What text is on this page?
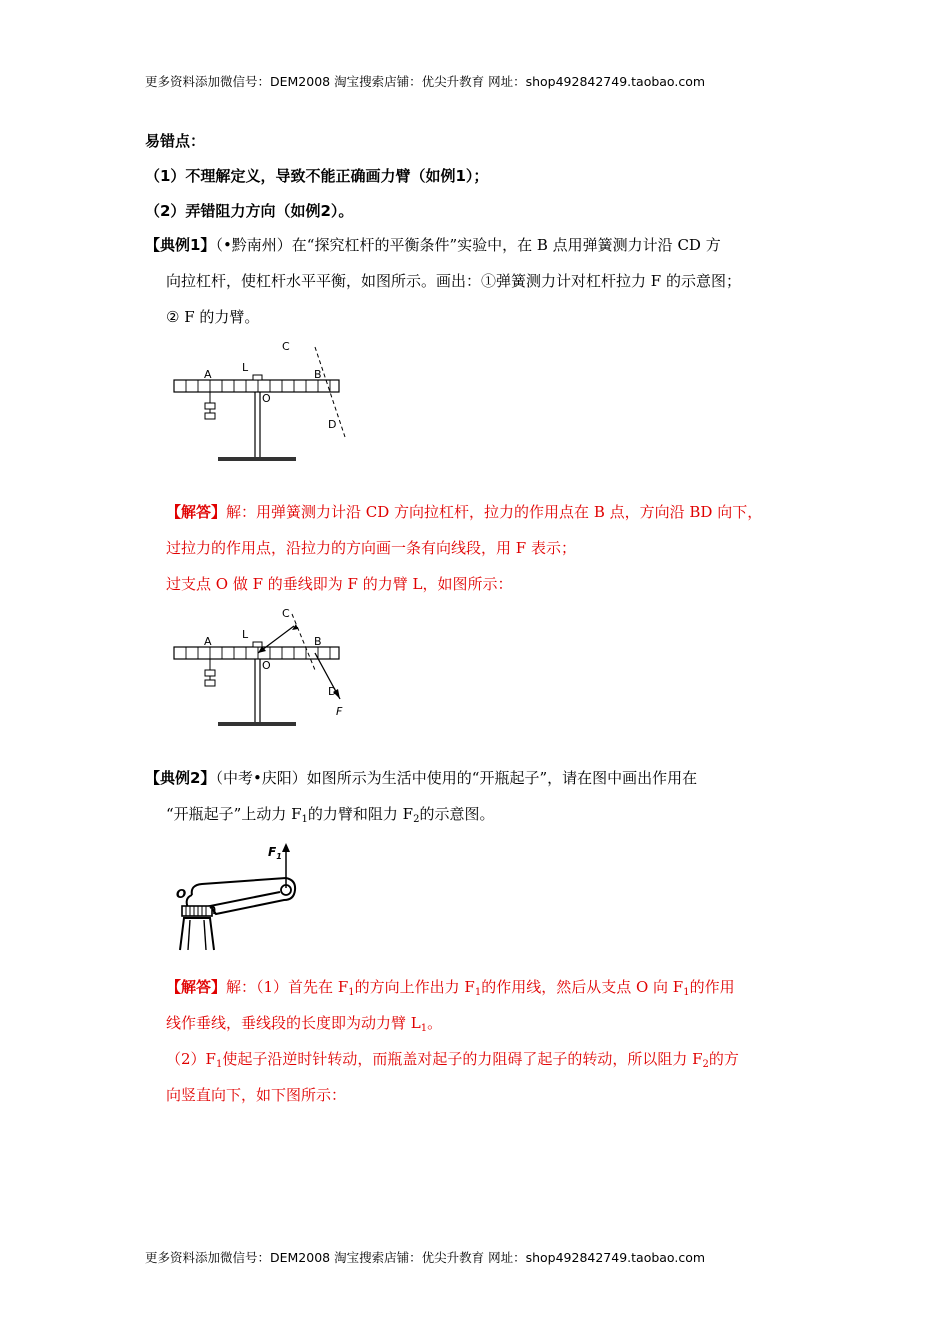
更多资料添加微信号：DEM2008 淘宝搜索店铺：优尖升教育 网址：shop492842749.taobao.com
易错点：
（1）不理解定义，导致不能正确画力臂（如例1）；
（2）弄错阻力方向（如例2）。
【典例1】（•黔南州）在“探究杠杆的平衡条件”实验中，在 B 点用弹簧测力计沿 CD 方
向拉杠杆，使杠杆水平平衡，如图所示。画出：①弹簧测力计对杠杆拉力 F 的示意图；
② F 的力臂。
A
L
O
B
C
D
【解答】解：用弹簧测力计沿 CD 方向拉杠杆，拉力的作用点在 B 点，方向沿 BD 向下，
过拉力的作用点，沿拉力的方向画一条有向线段，用 F 表示；
过支点 O 做 F 的垂线即为 F 的力臂 L，如图所示：
A
L
O
B
C
D
F
【典例2】（中考•庆阳）如图所示为生活中使用的“开瓶起子”，请在图中画出作用在
“开瓶起子”上动力 $F_1$的力臂和阻力 $F_2$的示意图。
$F_1$
O
【解答】解：（1）首先在 $F_1$的方向上作出力 $F_1$的作用线，然后从支点 O 向 $F_1$的作用
线作垂线，垂线段的长度即为动力臂 $L_1$。
$(2)F_1$使起子沿逆时针转动，而瓶盖对起子的力阻碍了起子的转动，所以阻力 $F_2$的方
向竖直向下，如下图所示：
更多资料添加微信号：DEM2008 淘宝搜索店铺：优尖升教育 网址：shop492842749.taobao.com
